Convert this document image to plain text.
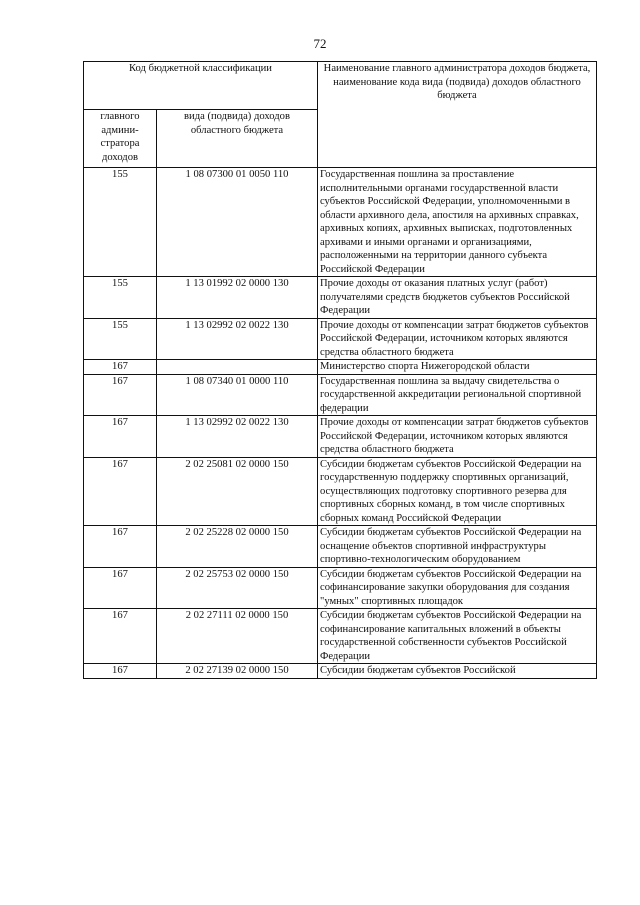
72
Код бюджетной классификации		Наименование главного администратора доходов бюджета, наименование кода вида (подвида) доходов областного бюджета
главного админи-стратора доходов	вида (подвида) доходов областного бюджета	
155	1 08 07300 01 0050 110	Государственная пошлина за проставление исполнительными органами государственной власти субъектов Российской Федерации, уполномоченными в области архивного дела, апостиля на архивных справках, архивных копиях, архивных выписках, подготовленных архивами и иными органами и организациями, расположенными на территории данного субъекта Российской Федерации
155	1 13 01992 02 0000 130	Прочие доходы от оказания платных услуг (работ) получателями средств бюджетов субъектов Российской Федерации
155	1 13 02992 02 0022 130	Прочие доходы от компенсации затрат бюджетов субъектов Российской Федерации, источником которых являются средства областного бюджета
167		Министерство спорта Нижегородской области
167	1 08 07340 01 0000 110	Государственная пошлина за выдачу свидетельства о государственной аккредитации региональной спортивной федерации
167	1 13 02992 02 0022 130	Прочие доходы от компенсации затрат бюджетов субъектов Российской Федерации, источником которых являются средства областного бюджета
167	2 02 25081 02 0000 150	Субсидии бюджетам субъектов Российской Федерации на государственную поддержку спортивных организаций, осуществляющих подготовку спортивного резерва для спортивных сборных команд, в том числе спортивных сборных команд Российской Федерации
167	2 02 25228 02 0000 150	Субсидии бюджетам субъектов Российской Федерации на оснащение объектов спортивной инфраструктуры спортивно-технологическим оборудованием
167	2 02 25753 02 0000 150	Субсидии бюджетам субъектов Российской Федерации на софинансирование закупки оборудования для создания "умных" спортивных площадок
167	2 02 27111 02 0000 150	Субсидии бюджетам субъектов Российской Федерации на софинансирование капитальных вложений в объекты государственной собственности субъектов Российской Федерации
167	2 02 27139 02 0000 150	Субсидии бюджетам субъектов Российской
